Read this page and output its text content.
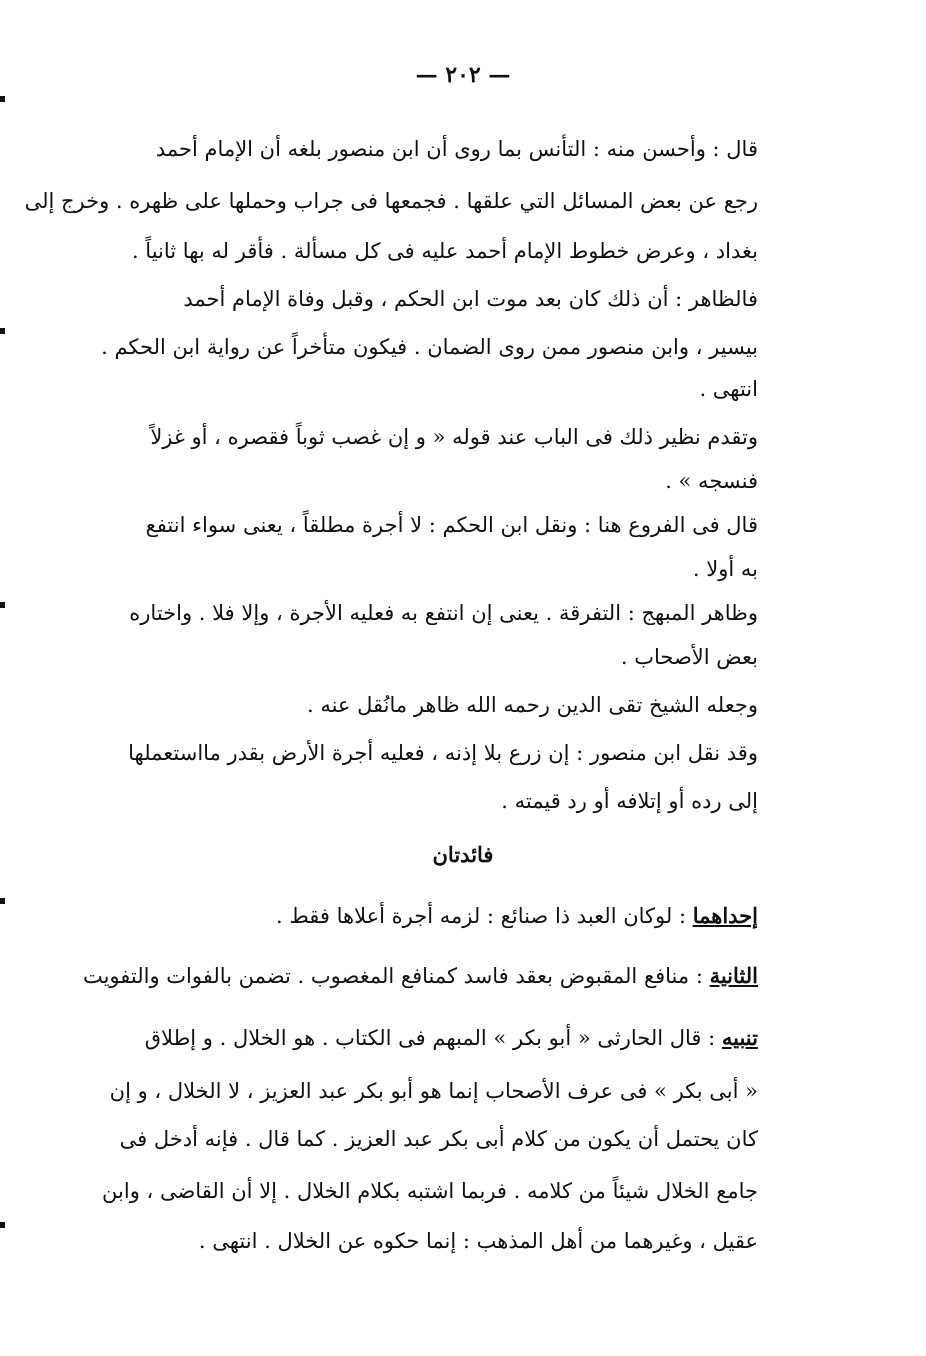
— ٢٠٢ —
قال : وأحسن منه : التأنس بما روى أن ابن منصور بلغه أن الإمام أحمد
رجع عن بعض المسائل التي علقها . فجمعها فى جراب وحملها على ظهره . وخرج إلى
بغداد ، وعرض خطوط الإمام أحمد عليه فى كل مسألة . فأقر له بها ثانياً .
فالظاهر : أن ذلك كان بعد موت ابن الحكم ، وقبل وفاة الإمام أحمد
بيسير ، وابن منصور ممن روى الضمان . فيكون متأخراً عن رواية ابن الحكم .
انتهى .
وتقدم نظير ذلك فى الباب عند قوله « و إن غصب ثوباً فقصره ، أو غزلاً
فنسجه » .
قال فى الفروع هنا : ونقل ابن الحكم : لا أجرة مطلقاً ، يعنى سواء انتفع
به أولا .
وظاهر المبهج : التفرقة . يعنى إن انتفع به فعليه الأجرة ، وإلا فلا . واختاره
بعض الأصحاب .
وجعله الشيخ تقى الدين رحمه الله ظاهر مانُقل عنه .
وقد نقل ابن منصور : إن زرع بلا إذنه ، فعليه أجرة الأرض بقدر مااستعملها
إلى رده أو إتلافه أو رد قيمته .
فائدتان
إحداهما : لوكان العبد ذا صنائع : لزمه أجرة أعلاها فقط .
الثانية : منافع المقبوض بعقد فاسد كمنافع المغصوب . تضمن بالفوات والتفويت
تنبيه : قال الحارثى « أبو بكر » المبهم فى الكتاب . هو الخلال . و إطلاق
« أبى بكر » فى عرف الأصحاب إنما هو أبو بكر عبد العزيز ، لا الخلال ، و إن
كان يحتمل أن يكون من كلام أبى بكر عبد العزيز . كما قال . فإنه أدخل فى
جامع الخلال شيئاً من كلامه . فربما اشتبه بكلام الخلال . إلا أن القاضى ، وابن
عقيل ، وغيرهما من أهل المذهب : إنما حكوه عن الخلال . انتهى .
